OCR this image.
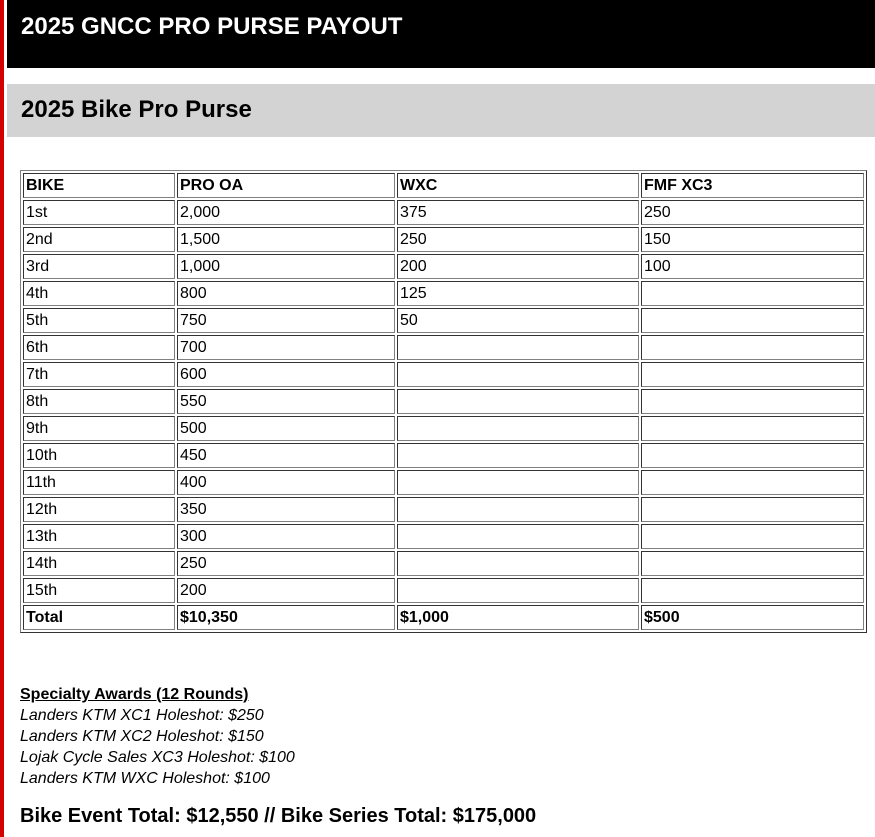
2025 GNCC PRO PURSE PAYOUT
2025 Bike Pro Purse
BIKE	PRO OA	WXC	FMF XC3
1st	2,000	375	250
2nd	1,500	250	150
3rd	1,000	200	100
4th	800	125	
5th	750	50	
6th	700		
7th	600		
8th	550		
9th	500		
10th	450		
11th	400		
12th	350		
13th	300		
14th	250		
15th	200		
Total	$10,350	$1,000	$500
Specialty Awards (12 Rounds)
Landers KTM XC1 Holeshot: $250
Landers KTM XC2 Holeshot: $150
Lojak Cycle Sales XC3 Holeshot: $100
Landers KTM WXC Holeshot: $100
Bike Event Total: $12,550 // Bike Series Total: $175,000
